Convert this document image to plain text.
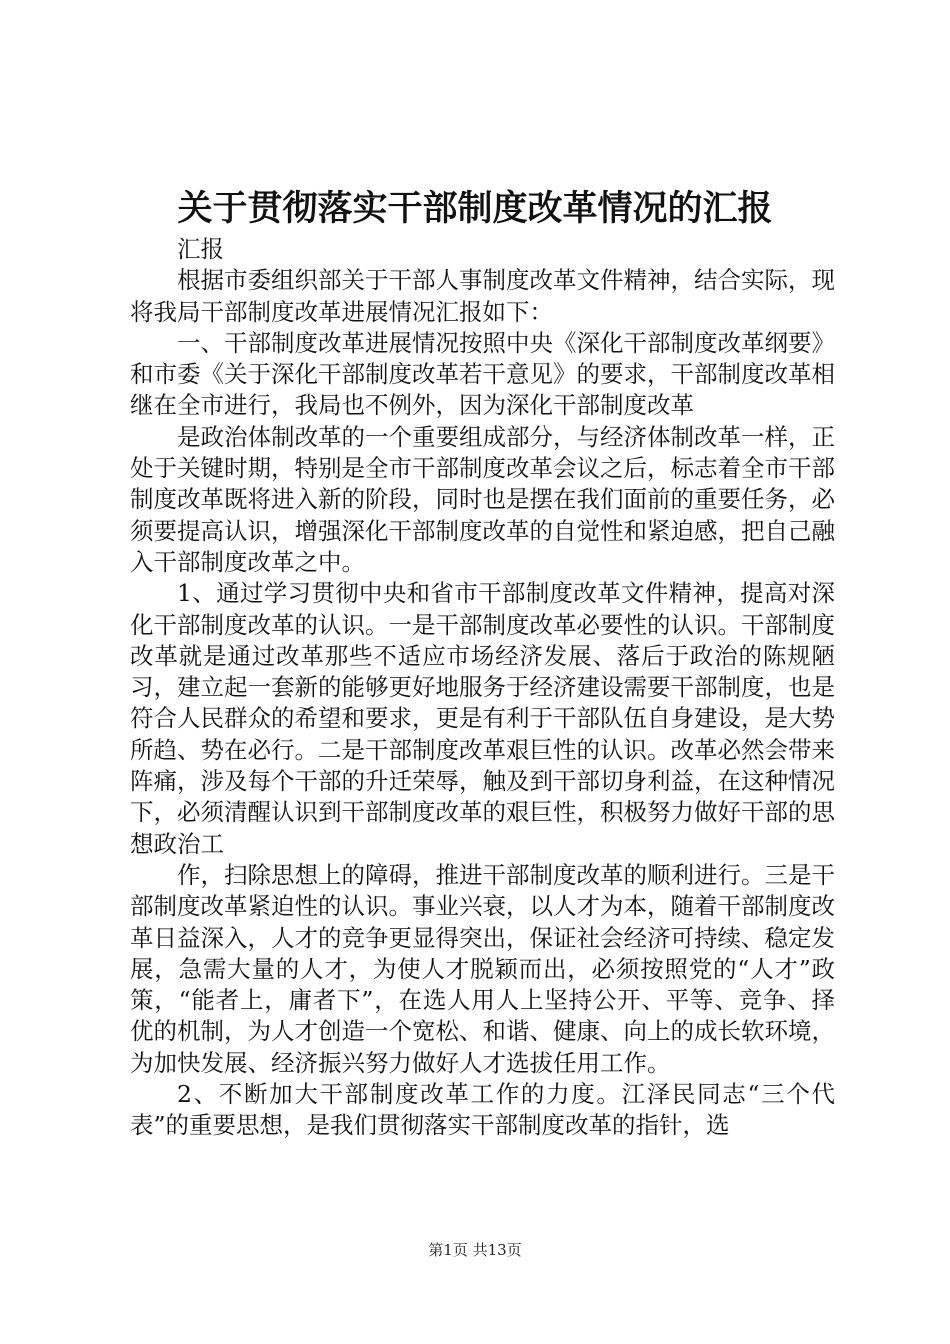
关于贯彻落实干部制度改革情况的汇报

汇报

根据市委组织部关于干部人事制度改革文件精神，结合实际，现将我局干部制度改革进展情况汇报如下：

一、干部制度改革进展情况按照中央《深化干部制度改革纲要》和市委《关于深化干部制度改革若干意见》的要求，干部制度改革相继在全市进行，我局也不例外，因为深化干部制度改革

是政治体制改革的一个重要组成部分，与经济体制改革一样，正处于关键时期，特别是全市干部制度改革会议之后，标志着全市干部制度改革既将进入新的阶段，同时也是摆在我们面前的重要任务，必须要提高认识，增强深化干部制度改革的自觉性和紧迫感，把自己融入干部制度改革之中。

1、通过学习贯彻中央和省市干部制度改革文件精神，提高对深化干部制度改革的认识。一是干部制度改革必要性的认识。干部制度改革就是通过改革那些不适应市场经济发展、落后于政治的陈规陋习，建立起一套新的能够更好地服务于经济建设需要干部制度，也是符合人民群众的希望和要求，更是有利于干部队伍自身建设，是大势所趋、势在必行。二是干部制度改革艰巨性的认识。改革必然会带来阵痛，涉及每个干部的升迁荣辱，触及到干部切身利益，在这种情况下，必须清醒认识到干部制度改革的艰巨性，积极努力做好干部的思想政治工

作，扫除思想上的障碍，推进干部制度改革的顺利进行。三是干部制度改革紧迫性的认识。事业兴衰，以人才为本，随着干部制度改革日益深入，人才的竞争更显得突出，保证社会经济可持续、稳定发展，急需大量的人才，为使人才脱颖而出，必须按照党的“人才”政策，“能者上，庸者下”，在选人用人上坚持公开、平等、竞争、择优的机制，为人才创造一个宽松、和谐、健康、向上的成长软环境，为加快发展、经济振兴努力做好人才选拔任用工作。

2、不断加大干部制度改革工作的力度。江泽民同志“三个代表”的重要思想，是我们贯彻落实干部制度改革的指针，选

第1页 共13页
